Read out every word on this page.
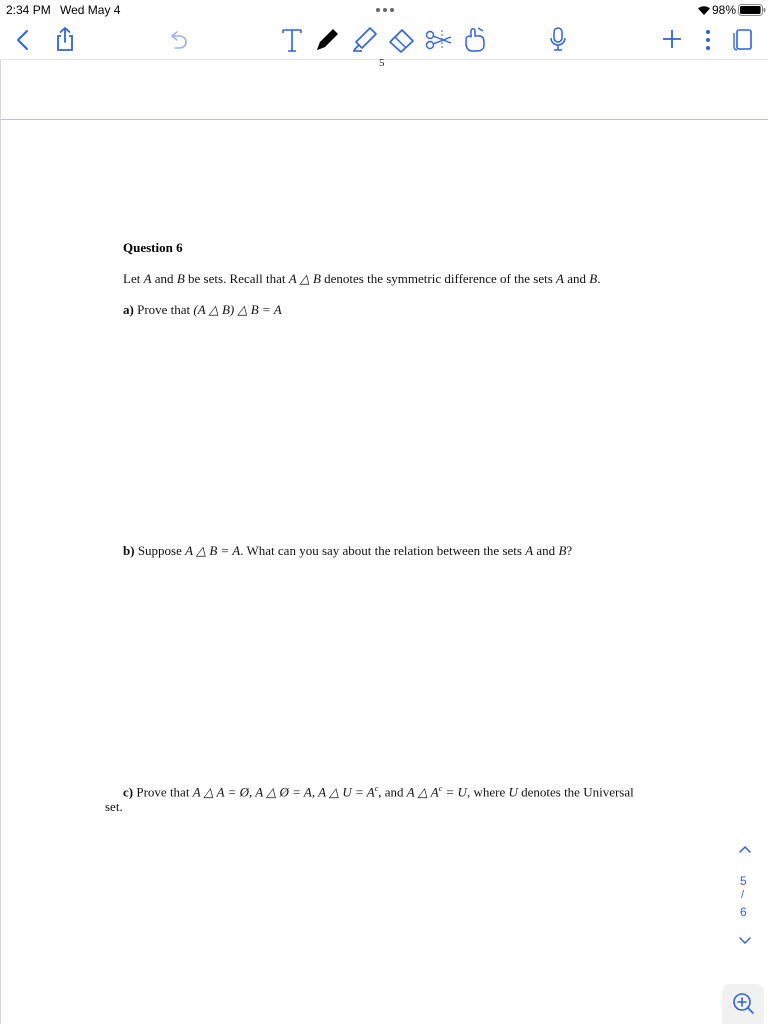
2:34 PM Wed May 4	98%
5
Question 6
Let A and B be sets. Recall that A △ B denotes the symmetric difference of the sets A and B.
a) Prove that (A △ B) △ B = A
b) Suppose A △ B = A. What can you say about the relation between the sets A and B?
c) Prove that A △ A = Ø, A △ Ø = A, A △ $U = A^c$, and A △ $A^c = U$, where U denotes the Universal
set.
5
/
6
